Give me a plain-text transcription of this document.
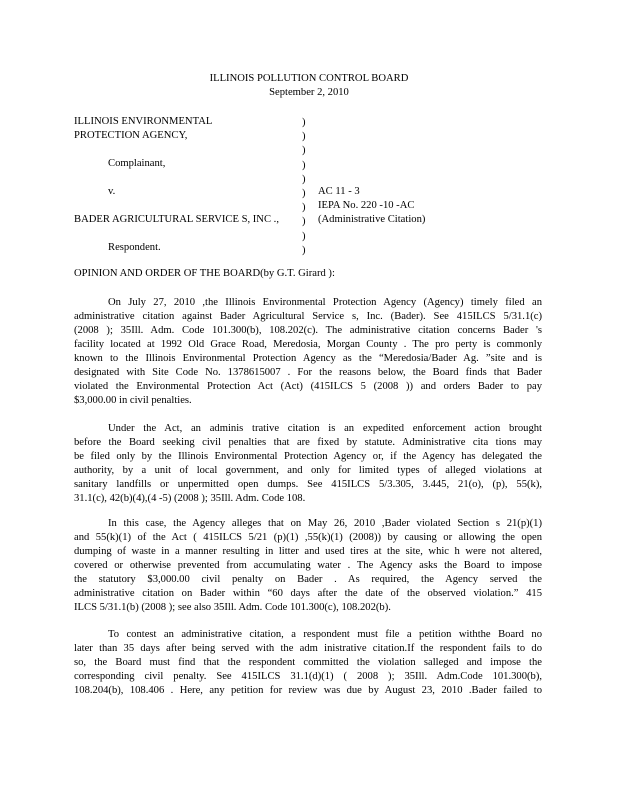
ILLINOIS POLLUTION CONTROL BOARD
September 2, 2010
ILLINOIS ENVIRONMENTAL
PROTECTION AGENCY,
Complainant,
v.
BADER AGRICULTURAL SERVICE S, INC .,
Respondent.
)
)
)
)
)
)
)
)
)
)
AC 11 - 3
IEPA No. 220 -10 -AC
(Administrative Citation)
OPINION AND ORDER OF THE BOARD(by G.T. Girard ):
On July 27, 2010 ,the Illinois Environmental Protection Agency (Agency) timely filed an
administrative citation against Bader Agricultural Service s, Inc. (Bader). See 415ILCS 5/31.1(c)
(2008 ); 35Ill. Adm. Code 101.300(b), 108.202(c). The administrative citation concerns Bader 's
facility located at 1992 Old Grace Road, Meredosia, Morgan County . The pro perty is commonly
known to the Illinois Environmental Protection Agency as the “Meredosia/Bader Ag. ”site and is
designated with Site Code No. 1378615007 . For the reasons below, the Board finds that Bader
violated the Environmental Protection Act (Act) (415ILCS 5 (2008 )) and orders Bader to pay
$3,000.00 in civil penalties.
Under the Act, an adminis trative citation is an expedited enforcement action brought
before the Board seeking civil penalties that are fixed by statute. Administrative cita tions may
be filed only by the Illinois Environmental Protection Agency or, if the Agency has delegated the
authority, by a unit of local government, and only for limited types of alleged violations at
sanitary landfills or unpermitted open dumps. See 415ILCS 5/3.305, 3.445, 21(o), (p), 55(k),
31.1(c), 42(b)(4),(4 -5) (2008 ); 35Ill. Adm. Code 108.
In this case, the Agency alleges that on May 26, 2010 ,Bader violated Section s 21(p)(1)
and 55(k)(1) of the Act ( 415ILCS 5/21 (p)(1) ,55(k)(1) (2008)) by causing or allowing the open
dumping of waste in a manner resulting in litter and used tires at the site, whic h were not altered,
covered or otherwise prevented from accumulating water . The Agency asks the Board to impose
the statutory $3,000.00 civil penalty on Bader . As required, the Agency served the
administrative citation on Bader within “60 days after the date of the observed violation.” 415
ILCS 5/31.1(b) (2008 ); see also 35Ill. Adm. Code 101.300(c), 108.202(b).
To contest an administrative citation, a respondent must file a petition withthe Board no
later than 35 days after being served with the adm inistrative citation.If the respondent fails to do
so, the Board must find that the respondent committed the violation salleged and impose the
corresponding civil penalty. See 415ILCS 31.1(d)(1) ( 2008 ); 35Ill. Adm.Code 101.300(b),
108.204(b), 108.406 . Here, any petition for review was due by August 23, 2010 .Bader failed to
